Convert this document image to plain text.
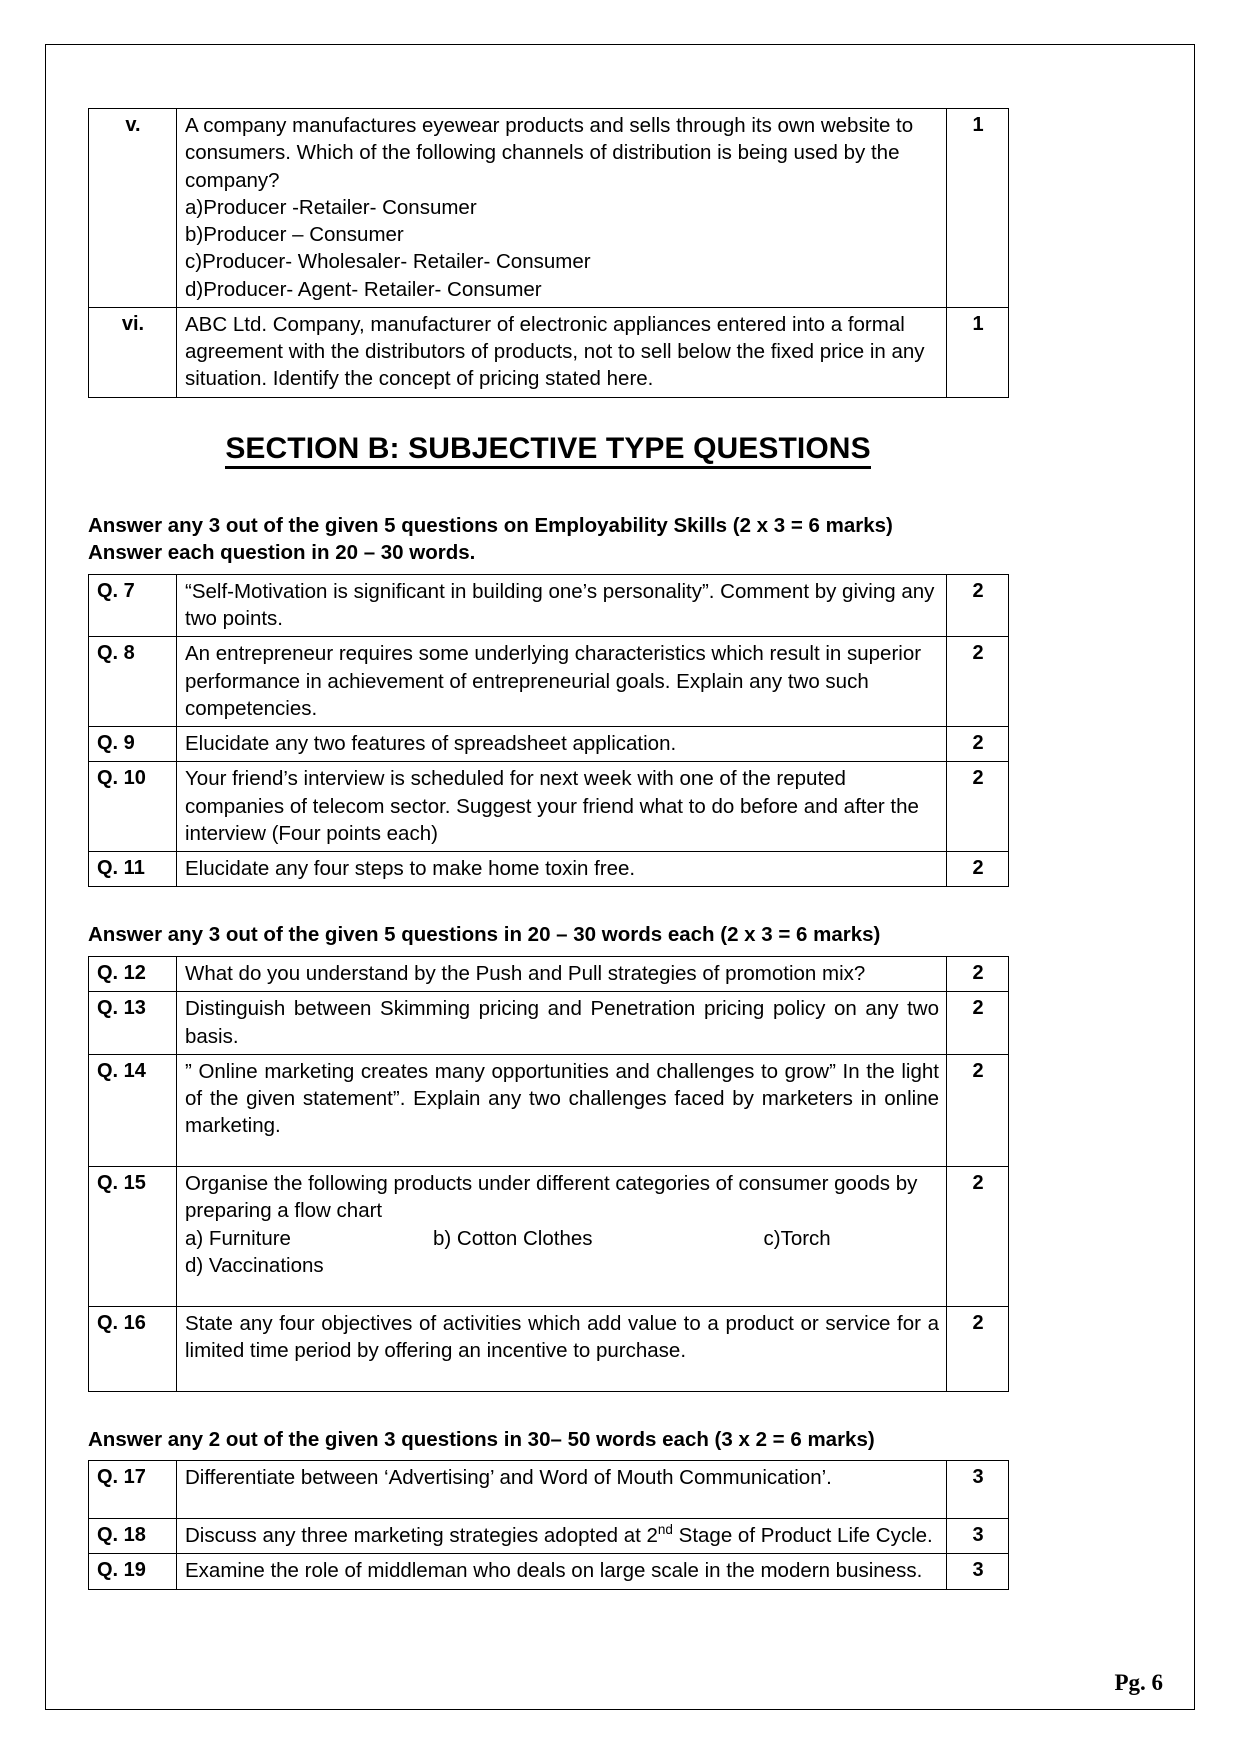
v.	A company manufactures eyewear products and sells through its own website to consumers. Which of the following channels of distribution is being used by the company?
a)Producer -Retailer- Consumer
b)Producer – Consumer
c)Producer- Wholesaler- Retailer- Consumer
d)Producer- Agent- Retailer- Consumer	1
vi.	ABC Ltd. Company, manufacturer of electronic appliances entered into a formal agreement with the distributors of products, not to sell below the fixed price in any situation. Identify the concept of pricing stated here.	1
SECTION B: SUBJECTIVE TYPE QUESTIONS
Answer any 3 out of the given 5 questions on Employability Skills (2 x 3 = 6 marks)
Answer each question in 20 – 30 words.
Q. 7	“Self-Motivation is significant in building one’s personality”. Comment by giving any two points.	2
Q. 8	An entrepreneur requires some underlying characteristics which result in superior performance in achievement of entrepreneurial goals. Explain any two such competencies.	2
Q. 9	Elucidate any two features of spreadsheet application.	2
Q. 10	Your friend’s interview is scheduled for next week with one of the reputed companies of telecom sector. Suggest your friend what to do before and after the interview (Four points each)	2
Q. 11	Elucidate any four steps to make home toxin free.	2
Answer any 3 out of the given 5 questions in 20 – 30 words each (2 x 3 = 6 marks)
Q. 12	What do you understand by the Push and Pull strategies of promotion mix?	2
Q. 13	Distinguish between Skimming pricing and Penetration pricing policy on any two basis.	2
Q. 14	” Online marketing creates many opportunities and challenges to grow” In the light of the given statement”. Explain any two challenges faced by marketers in online marketing.	2
Q. 15	Organise the following products under different categories of consumer goods by preparing a flow chart

a) Furniture b) Cotton Clothes c)Torch
d) Vaccinations	2
Q. 16	State any four objectives of activities which add value to a product or service for a limited time period by offering an incentive to purchase.	2
Answer any 2 out of the given 3 questions in 30– 50 words each (3 x 2 = 6 marks)
Q. 17	Differentiate between ‘Advertising’ and Word of Mouth Communication’.	3
Q. 18	Discuss any three marketing strategies adopted at 2nd Stage of Product Life Cycle.	3
Q. 19	Examine the role of middleman who deals on large scale in the modern business.	3
Pg. 6
